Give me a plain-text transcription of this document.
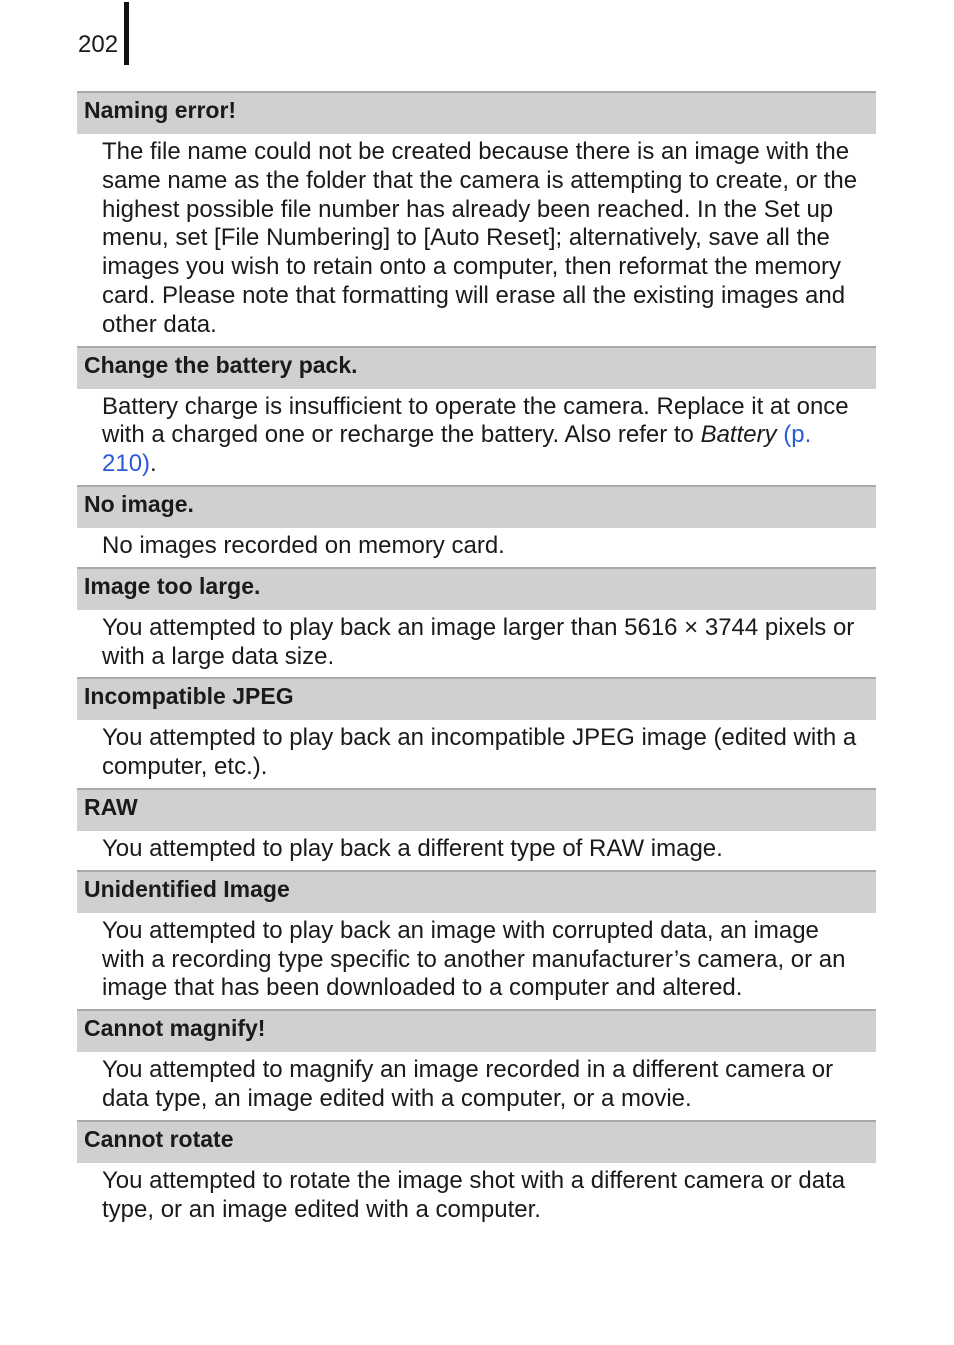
202
Naming error!
The file name could not be created because there is an image with the same name as the folder that the camera is attempting to create, or the highest possible file number has already been reached. In the Set up menu, set [File Numbering] to [Auto Reset]; alternatively, save all the images you wish to retain onto a computer, then reformat the memory card. Please note that formatting will erase all the existing images and other data.
Change the battery pack.
Battery charge is insufficient to operate the camera. Replace it at once with a charged one or recharge the battery. Also refer to Battery (p. 210).
No image.
No images recorded on memory card.
Image too large.
You attempted to play back an image larger than 5616 × 3744 pixels or with a large data size.
Incompatible JPEG
You attempted to play back an incompatible JPEG image (edited with a computer, etc.).
RAW
You attempted to play back a different type of RAW image.
Unidentified Image
You attempted to play back an image with corrupted data, an image with a recording type specific to another manufacturer’s camera, or an image that has been downloaded to a computer and altered.
Cannot magnify!
You attempted to magnify an image recorded in a different camera or data type, an image edited with a computer, or a movie.
Cannot rotate
You attempted to rotate the image shot with a different camera or data type, or an image edited with a computer.
